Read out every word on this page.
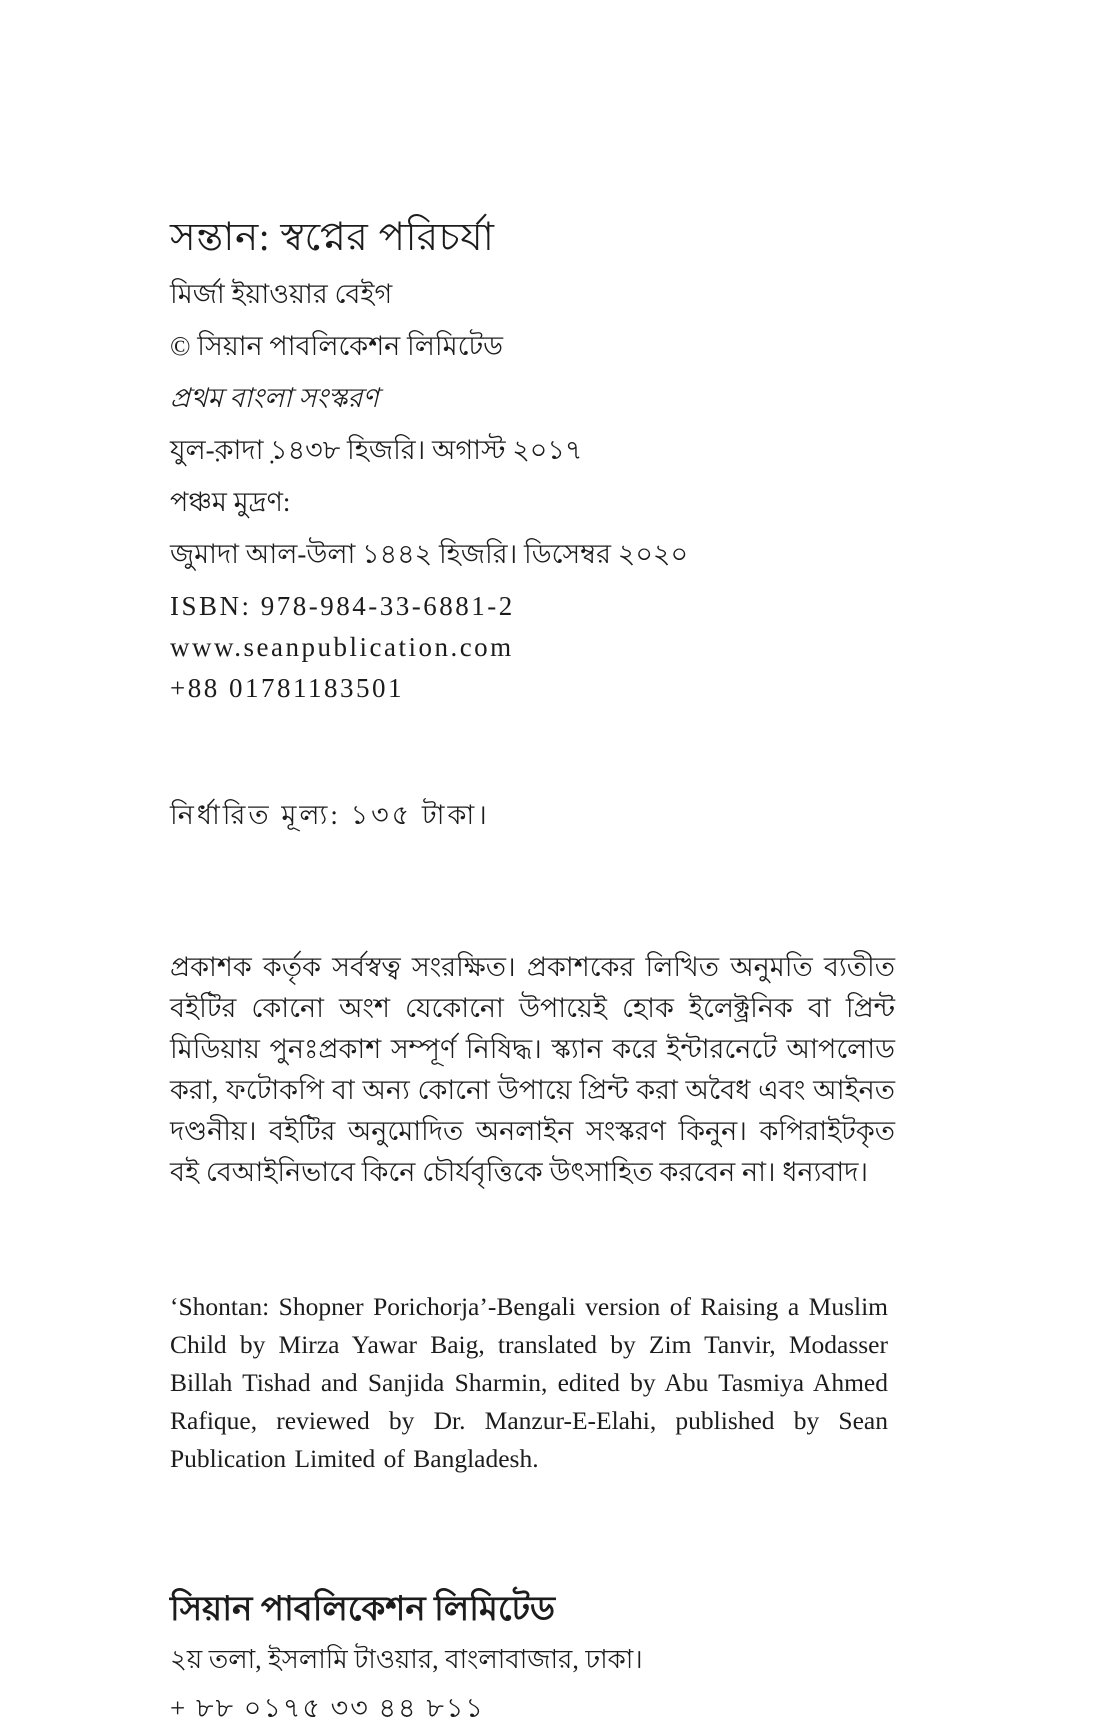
সন্তান: স্বপ্নের পরিচর্যা
মির্জা ইয়াওয়ার বেইগ
© সিয়ান পাবলিকেশন লিমিটেড
প্রথম বাংলা সংস্করণ
যুল-ক়াদা় ১৪৩৮ হিজরি। অগাস্ট ২০১৭
পঞ্চম মুদ্রণ:
জুমাদা আল-উলা ১৪৪২ হিজরি। ডিসেম্বর ২০২০
ISBN: 978-984-33-6881-2
www.seanpublication.com
+88 01781183501
নির্ধারিত মূল্য: ১৩৫ টাকা।
প্রকাশক কর্তৃক সর্বস্বত্ব সংরক্ষিত। প্রকাশকের লিখিত অনুমতি ব্যতীত বইটির কোনো অংশ যেকোনো উপায়েই হোক ইলেক্ট্রনিক বা প্রিন্ট মিডিয়ায় পুনঃপ্রকাশ সম্পূর্ণ নিষিদ্ধ। স্ক্যান করে ইন্টারনেটে আপলোড করা, ফটোকপি বা অন্য কোনো উপায়ে প্রিন্ট করা অবৈধ এবং আইনত দণ্ডনীয়। বইটির অনুমোদিত অনলাইন সংস্করণ কিনুন। কপিরাইটকৃত বই বেআইনিভাবে কিনে চৌর্যবৃত্তিকে উৎসাহিত করবেন না। ধন্যবাদ।
‘Shontan: Shopner Porichorja’-Bengali version of Raising a Muslim Child by Mirza Yawar Baig, translated by Zim Tanvir, Modasser Billah Tishad and Sanjida Sharmin, edited by Abu Tasmiya Ahmed Rafique, reviewed by Dr. Manzur-E-Elahi, published by Sean Publication Limited of Bangladesh.
সিয়ান পাবলিকেশন লিমিটেড
২য় তলা, ইসলামি টাওয়ার, বাংলাবাজার, ঢাকা।
+ ৮৮ ০১৭৫ ৩৩ ৪৪ ৮১১
